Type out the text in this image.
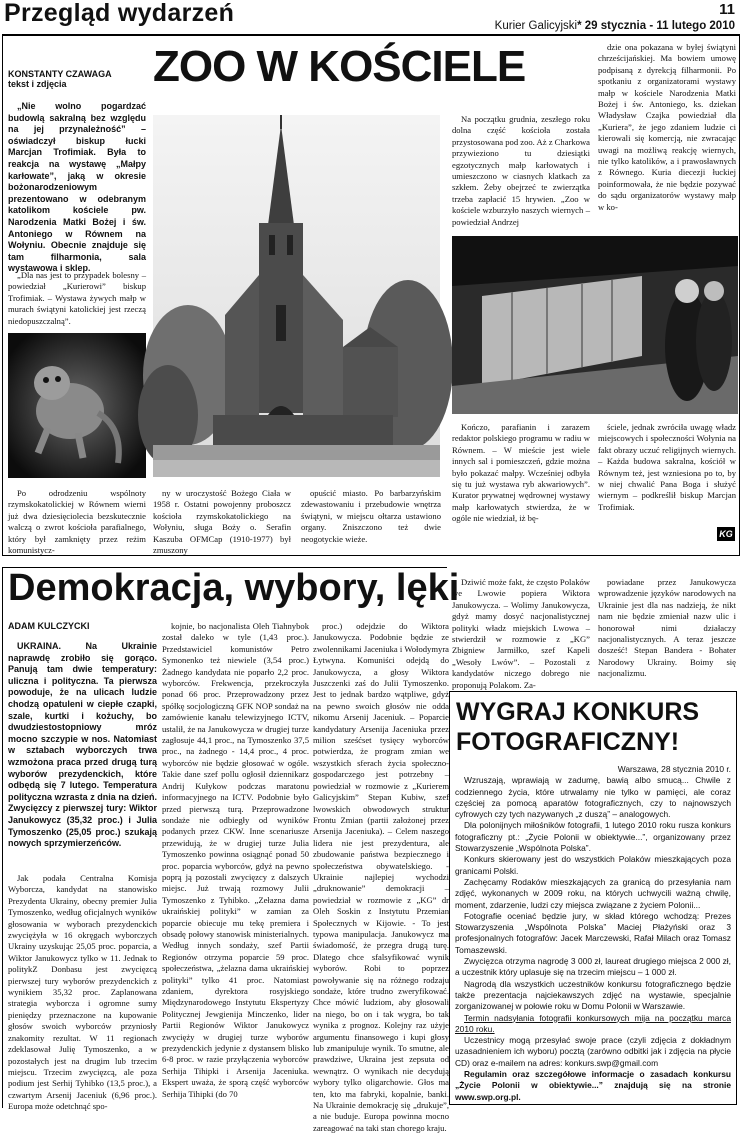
Przegląd wydarzeń	11
Kurier Galicyjski* 29 stycznia - 11 lutego 2010
KONSTANTY CZAWAGA
tekst i zdjęcia ZOO W KOŚCIELE

„Nie wolno pogardzać budowlą sakralną bez względu na jej przynależność” – oświadczył biskup łucki Marcjan Trofimiak. Była to reakcja na wystawę „Małpy karłowate”, jaką w okresie bożonarodzeniowym prezentowano w odebranym katolikom kościele pw. Narodzenia Matki Bożej i św. Antoniego w Równem na Wołyniu. Obecnie znajduje się tam filharmonia, sala wystawowa i sklep.

„Dla nas jest to przypadek bolesny – powiedział „Kurierowi” biskup Trofimiak. – Wystawa żywych małp w murach świątyni katolickiej jest rzeczą niedopuszczalną”.

Po odrodzeniu wspólnoty rzymskokatolickiej w Równem wierni już dwa dziesięciolecia bezskutecznie walczą o zwrot kościoła parafialnego, który był zamknięty przez reżim komunistycz-

ny w uroczystość Bożego Ciała w 1958 r. Ostatni powojenny proboszcz kościoła rzymskokatolickiego na Wołyniu, sługa Boży o. Serafin Kaszuba OFMCap (1910-1977) był zmuszony

opuścić miasto. Po barbarzyńskim zdewastowaniu i przebudowie wnętrza świątyni, w miejscu ołtarza ustawiono organy. Zniszczono też dwie neogotyckie wieże.

Na początku grudnia, zeszłego roku dolna część kościoła została przystosowana pod zoo. Aż z Charkowa przywieziono tu dziesiątki egzotycznych małp karłowatych i umieszczono w ciasnych klatkach za szkłem. Żeby obejrzeć te zwierzątka trzeba zapłacić 15 hrywien. „Zoo w kościele wzburzyło naszych wiernych – powiedział Andrzej

dzie ona pokazana w byłej świątyni chrześcijańskiej. Ma bowiem umowę podpisaną z dyrekcją filharmonii. Po spotkaniu z organizatorami wystawy małp w kościele Narodzenia Matki Bożej i św. Antoniego, ks. dziekan Władysław Czajka powiedział dla „Kuriera”, że jego zdaniem ludzie ci kierowali się komercją, nie zwracając uwagi na możliwą reakcję wiernych, nie tylko katolików, a i prawosławnych z Równego. Kuria diecezji łuckiej poinformowała, że nie będzie pozywać do sądu organizatorów wystawy małp w ko-

Kończo, parafianin i zarazem redaktor polskiego programu w radiu w Równem. – W mieście jest wiele innych sal i pomieszczeń, gdzie można było pokazać małpy. Wcześniej odbyła się tu już wystawa ryb akwariowych”. Kurator prywatnej wędrownej wystawy małp karłowatych stwierdza, że w ogóle nie wiedział, iż bę-

ściele, jednak zwróciła uwagę władz miejscowych i społeczności Wołynia na fakt obrazy uczuć religijnych wiernych. – Każda budowa sakralna, kościół w Równym też, jest wzniesiona po to, by w niej chwalić Pana Boga i służyć wiernym – podkreślił biskup Marcjan Trofimiak.

KG
Demokracja, wybory, lęki
ADAM KULCZYCKI

UKRAINA. Na Ukrainie naprawdę zrobiło się gorąco. Panują tam dwie temperatury: uliczna i polityczna. Ta pierwsza powoduje, że na ulicach ludzie chodzą opatuleni w ciepłe czapki, szale, kurtki i kożuchy, bo dwudziestostopniowy mróz mocno szczypie w nos. Natomiast w sztabach wyborczych trwa wzmożona praca przed drugą turą wyborów prezydenckich, które odbędą się 7 lutego. Temperatura polityczna wzrasta z dnia na dzień. Zwycięzcy z pierwszej tury: Wiktor Janukowycz (35,32 proc.) i Julia Tymoszenko (25,05 proc.) szukają nowych sprzymierzeńców.

Jak podała Centralna Komisja Wyborcza, kandydat na stanowisko Prezydenta Ukrainy, obecny premier Julia Tymoszenko, według oficjalnych wyników głosowania w wyborach prezydenckich zwyciężyła w 16 okręgach wyborczych Ukrainy uzyskując 25,05 proc. poparcia, a Wiktor Janukowycz tylko w 11. Jednak to politykZ Donbasu jest zwycięzcą pierwszej tury wyborów prezydenckich z wynikiem 35,32 proc. Zaplanowana strategia wyborcza i ogromne sumy pieniędzy przeznaczone na kupowanie głosów swoich wyborców przyniosły znakomity rezultat. W 11 regionach zdeklasował Julię Tymoszenko, a w pozostałych jest na drugim lub trzecim miejscu. Trzecim zwycięzcą, ale poza podium jest Serhij Tyhibko (13,5 proc.), a czwartym Arsenij Jaceniuk (6,96 proc.). Europa może odetchnąć spo-

kojnie, bo nacjonalista Oleh Tiahnybok został daleko w tyle (1,43 proc.). Przedstawiciel komunistów Petro Symonenko też niewiele (3,54 proc.) Żadnego kandydata nie poparło 2,2 proc. wyborców. Frekwencja, przekroczyła ponad 66 proc. Przeprowadzony przez spółkę socjologiczną GFK NOP sondaż na zamówienie kanału telewizyjnego ICTV, ustalił, że na Janukowycza w drugiej turze zagłosuje 44,1 proc., na Tymoszenko 37,5 proc., na żadnego - 14,4 proc., 4 proc. wyborców nie będzie głosować w ogóle. Takie dane szef pollu ogłosił dziennikarz Andrij Kułykow podczas maratonu informacyjnego na ICTV. Podobnie było przed pierwszą turą. Przeprowadzone sondaże nie odbiegły od wyników podanych przez CKW. Inne scenariusze przewidują, że w drugiej turze Julia Tymoszenko powinna osiągnąć ponad 50 proc. poparcia wyborców, gdyż na pewno poprą ją pozostali zwycięzcy z dalszych miejsc. Już trwają rozmowy Julii Tymoszenko z Tyhibko. „Zełazna dama ukraińskiej polityki” w zamian za poparcie obiecuje mu tekę premiera i obsadę połowy stanowisk ministerialnych. Według innych sondaży, szef Partii Regionów otrzyma poparcie 59 proc. społeczeństwa, „żelazna dama ukraińskiej polityki” tylko 41 proc. Natomiast zdaniem, dyrektora rosyjskiego Międzynarodowego Instytutu Ekspertyzy Politycznej Jewgienija Minczenko, lider Partii Regionów Wiktor Janukowycz zwycięży w drugiej turze wyborów prezydenckich jedynie z dystansem blisko 6-8 proc. w razie przyłączenia wyborców Serhija Tihipki i Arsenija Jaceniuka. Ekspert uważa, że sporą część wyborców Serhija Tihipki (do 70

proc.) odejdzie do Wiktora Janukowycza. Podobnie będzie ze zwolennikami Jaceniuka i Wołodymyra Łytwyna. Komuniści odejdą do Janukowycza, a głosy Wiktora Juszczenki zaś do Julii Tymoszenko. Jest to jednak bardzo wątpliwe, gdyż na pewno swoich głosów nie odda nikomu Arsenij Jaceniuk. – Poparcie kandydatury Arsenija Jaceniuka przez milion sześćset tysięcy wyborców potwierdza, że program zmian we wszystkich sferach życia społeczno-gospodarczego jest potrzebny – powiedział w rozmowie z „Kurierem Galicyjskim” Stepan Kubiw, szef lwowskich obwodowych struktur Frontu Zmian (partii założonej przez Arsenija Jaceniuka). – Celem naszego lidera nie jest prezydentura, ale zbudowanie państwa bezpiecznego i społeczeństwa obywatelskiego. - Ukrainie najlepiej wychodzi „druknowanie” demokracji – powiedział w rozmowie z „KG” dr Oleh Soskin z Instytutu Przemian Społecznych w Kijowie. - To jest typowa manipulacja. Janukowycz ma świadomość, że przegra drugą turę. Dlatego chce sfalsyfikować wynik wyborów. Robi to poprzez powoływanie się na różnego rodzaju sondaże, które trudno zweryfikować. Chce mówić ludziom, aby głosowali na niego, bo on i tak wygra, bo tak wynika z prognoz. Kolejny raz użyje argumentu finansowego i kupi głosy lub zmanipuluje wynik. To smutne, ale prawdziwe, Ukraina jest zepsuta od wewnątrz. O wynikach nie decydują wybory tylko oligarchowie. Głos ma ten, kto ma fabryki, kopalnie, banki. Na Ukrainie demokrację się „drukuje”, a nie buduje. Europa powinna mocno zareagować na taki stan chorego kraju.

Dziwić może fakt, że często Polaków we Lwowie popiera Wiktora Janukowycza. – Wolimy Janukowycza, gdyż mamy dosyć nacjonalistycznej polityki władz miejskich Lwowa – stwierdził w rozmowie z „KG” Zbigniew Jarmiłko, szef Kapeli „Wesoły Lwów”. – Pozostali z kandydatów niczego dobrego nie proponują Polakom. Za-

powiadane przez Janukowycza wprowadzenie języków narodowych na Ukrainie jest dla nas nadzieją, że nikt nam nie będzie zmieniał nazw ulic i honorował nimi działaczy nacjonalistycznych. A teraz jeszcze dosześć! Stepan Bandera - Bohater Narodowy Ukrainy. Boimy się nacjonalizmu.

WYGRAJ KONKURS
FOTOGRAFICZNY!
Warszawa, 28 stycznia 2010 r.

Wzruszają, wprawiają w zadumę, bawią albo smucą... Chwile z codziennego życia, które utrwalamy nie tylko w pamięci, ale coraz częściej za pomocą aparatów fotograficznych, czy to najnowszych cyfrowych czy tych nazywanych „z duszą” – analogowych.

Dla polonijnych miłośników fotografii, 1 lutego 2010 roku rusza konkurs fotograficzny pt.: „Życie Polonii w obiektywie...”, organizowany przez Stowarzyszenie „Wspólnota Polska”.

Konkurs skierowany jest do wszystkich Polaków mieszkających poza granicami Polski.

Zachęcamy Rodaków mieszkających za granicą do przesyłania nam zdjęć, wykonanych w 2009 roku, na których uchwycili ważną chwilę, moment, zdarzenie, ludzi czy miejsca związane z życiem Polonii...

Fotografie oceniać będzie jury, w skład którego wchodzą: Prezes Stowarzyszenia „Wspólnota Polska” Maciej Płażyński oraz 3 profesjonalnych fotografów: Jacek Marczewski, Rafał Milach oraz Tomasz Tomaszewski.

Zwycięzca otrzyma nagrodę 3 000 zł, laureat drugiego miejsca 2 000 zł, a uczestnik który uplasuje się na trzecim miejscu – 1 000 zł.

Nagrodą dla wszystkich uczestników konkursu fotograficznego będzie także prezentacja najciekawszych zdjęć na wystawie, specjalnie zorganizowanej w połowie roku w Domu Polonii w Warszawie.

Termin nadsyłania fotografii konkursowych mija na początku marca 2010 roku.

Uczestnicy mogą przesyłać swoje prace (czyli zdjęcia z dokładnym uzasadnieniem ich wyboru) pocztą (zarówno odbitki jak i zdjęcia na płycie CD) oraz e-mailem na adres: konkurs.swp@gmail.com

Regulamin oraz szczegółowe informacje o zasadach konkursu „Życie Polonii w obiektywie...” znajdują się na stronie www.swp.org.pl.
